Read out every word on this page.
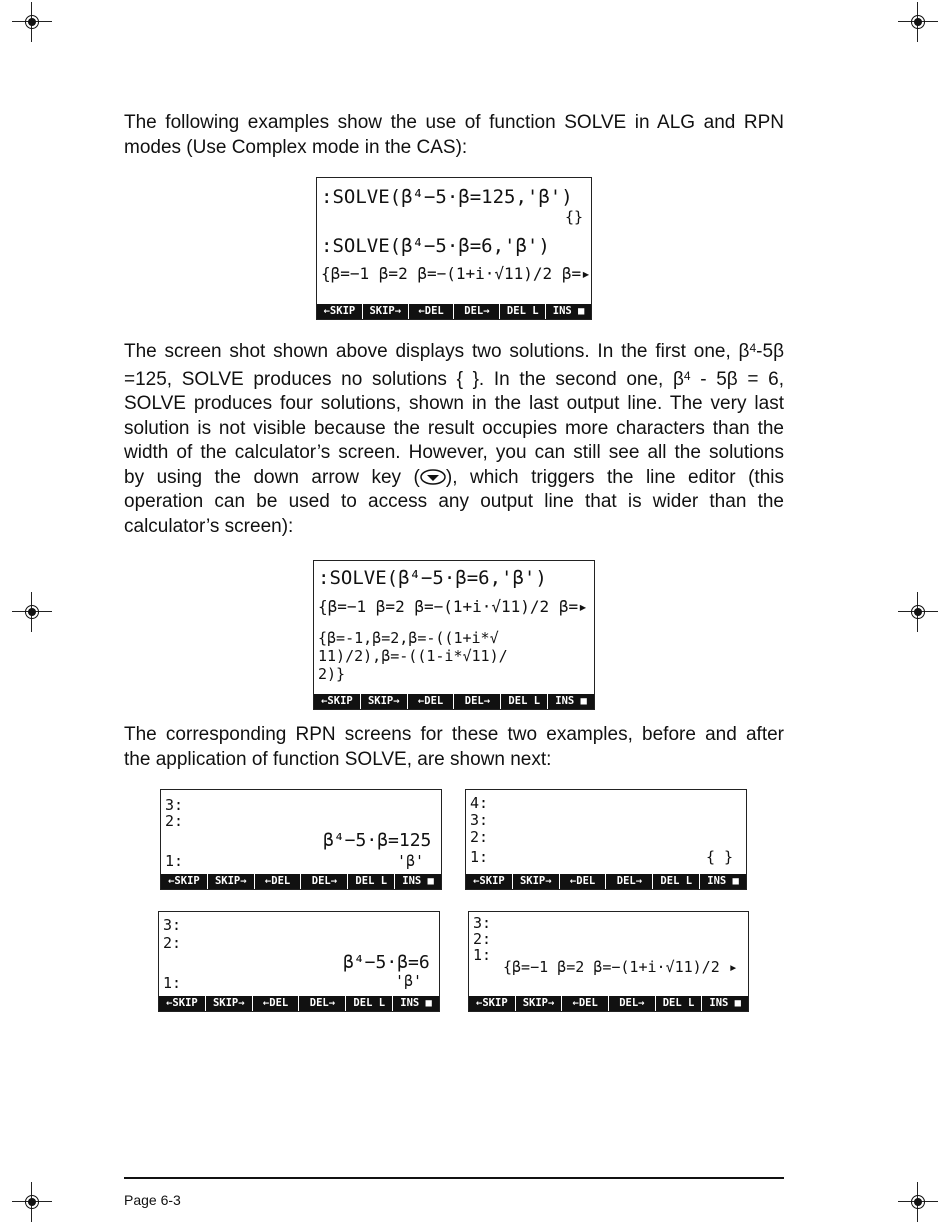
The following examples show the use of function SOLVE in ALG and RPN
modes (Use Complex mode in the CAS):
:SOLVE(β⁴−5·β=125,'β')
{}
:SOLVE(β⁴−5·β=6,'β')
{β=−1 β=2 β=−(1+i·√11)/2 β=▸
←SKIP	SKIP→	←DEL	DEL→	DEL L	INS ■
The screen shot shown above displays two solutions. In the first one, $\beta^4-5\beta$
=125, SOLVE produces no solutions { }. In the second one, $\beta^4 - 5\beta = 6$,
SOLVE produces four solutions, shown in the last output line. The very last
solution is not visible because the result occupies more characters than the
width of the calculator’s screen. However, you can still see all the solutions
by using the down arrow key ( ), which triggers the line editor (this
operation can be used to access any output line that is wider than the
calculator’s screen):
:SOLVE(β⁴−5·β=6,'β')
{β=−1 β=2 β=−(1+i·√11)/2 β=▸
{β=-1,β=2,β=-((1+i*√
11)/2),β=-((1-i*√11)/
2)}
←SKIP	SKIP→	←DEL	DEL→	DEL L	INS ■
The corresponding RPN screens for these two examples, before and after
the application of function SOLVE, are shown next:
3:
2:
β⁴−5·β=125
1:	'β'
←SKIP	SKIP→	←DEL	DEL→	DEL L	INS ■
4:
3:
2:
1:	{ }
←SKIP	SKIP→	←DEL	DEL→	DEL L	INS ■
3:
2:
β⁴−5·β=6
1:	'β'
←SKIP	SKIP→	←DEL	DEL→	DEL L	INS ■
3:
2:
1:
{β=−1 β=2 β=−(1+i·√11)/2 ▸
←SKIP	SKIP→	←DEL	DEL→	DEL L	INS ■
Page 6-3
